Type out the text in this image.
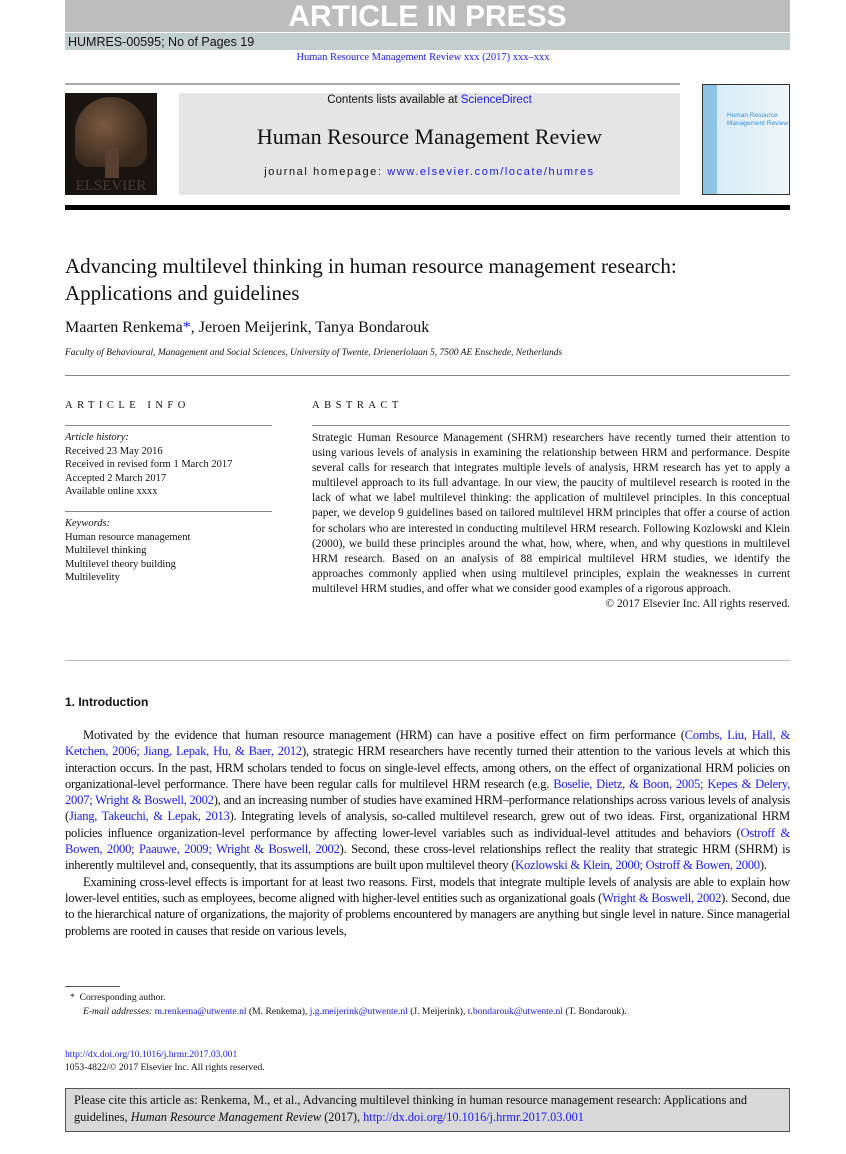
ARTICLE IN PRESS
HUMRES-00595; No of Pages 19
Human Resource Management Review xxx (2017) xxx–xxx
ELSEVIER
Contents lists available at ScienceDirect
Human Resource Management Review
journal homepage: www.elsevier.com/locate/humres
Human Resource Management Review
Advancing multilevel thinking in human resource management research: Applications and guidelines
Maarten Renkema*, Jeroen Meijerink, Tanya Bondarouk
Faculty of Behavioural, Management and Social Sciences, University of Twente, Drienerlolaan 5, 7500 AE Enschede, Netherlands
ARTICLE INFO	ABSTRACT
Article history:
Received 23 May 2016
Received in revised form 1 March 2017
Accepted 2 March 2017
Available online xxxx
Keywords:
Human resource management
Multilevel thinking
Multilevel theory building
Multilevelity
Strategic Human Resource Management (SHRM) researchers have recently turned their attention to using various levels of analysis in examining the relationship between HRM and performance. Despite several calls for research that integrates multiple levels of analysis, HRM research has yet to apply a multilevel approach to its full advantage. In our view, the paucity of multilevel research is rooted in the lack of what we label multilevel thinking: the application of multilevel principles. In this conceptual paper, we develop 9 guidelines based on tailored multilevel HRM principles that offer a course of action for scholars who are interested in conducting multilevel HRM research. Following Kozlowski and Klein (2000), we build these principles around the what, how, where, when, and why questions in multilevel HRM research. Based on an analysis of 88 empirical multilevel HRM studies, we identify the approaches commonly applied when using multilevel principles, explain the weaknesses in current multilevel HRM studies, and offer what we consider good examples of a rigorous approach.
© 2017 Elsevier Inc. All rights reserved.
1. Introduction

Motivated by the evidence that human resource management (HRM) can have a positive effect on firm performance (Combs, Liu, Hall, & Ketchen, 2006; Jiang, Lepak, Hu, & Baer, 2012), strategic HRM researchers have recently turned their attention to the various levels at which this interaction occurs. In the past, HRM scholars tended to focus on single-level effects, among others, on the effect of organizational HRM policies on organizational-level performance. There have been regular calls for multilevel HRM research (e.g. Boselie, Dietz, & Boon, 2005; Kepes & Delery, 2007; Wright & Boswell, 2002), and an increasing number of studies have examined HRM–performance relationships across various levels of analysis (Jiang, Takeuchi, & Lepak, 2013). Integrating levels of analysis, so-called multilevel research, grew out of two ideas. First, organizational HRM policies influence organization-level performance by affecting lower-level variables such as individual-level attitudes and behaviors (Ostroff & Bowen, 2000; Paauwe, 2009; Wright & Boswell, 2002). Second, these cross-level relationships reflect the reality that strategic HRM (SHRM) is inherently multilevel and, consequently, that its assumptions are built upon multilevel theory (Kozlowski & Klein, 2000; Ostroff & Bowen, 2000).

Examining cross-level effects is important for at least two reasons. First, models that integrate multiple levels of analysis are able to explain how lower-level entities, such as employees, become aligned with higher-level entities such as organizational goals (Wright & Boswell, 2002). Second, due to the hierarchical nature of organizations, the majority of problems encountered by managers are anything but single level in nature. Since managerial problems are rooted in causes that reside on various levels,

* Corresponding author.
E-mail addresses: m.renkema@utwente.nl (M. Renkema), j.g.meijerink@utwente.nl (J. Meijerink), t.bondarouk@utwente.nl (T. Bondarouk).
http://dx.doi.org/10.1016/j.hrmr.2017.03.001
1053-4822/© 2017 Elsevier Inc. All rights reserved.
Please cite this article as: Renkema, M., et al., Advancing multilevel thinking in human resource management research: Applications and guidelines, Human Resource Management Review (2017), http://dx.doi.org/10.1016/j.hrmr.2017.03.001
